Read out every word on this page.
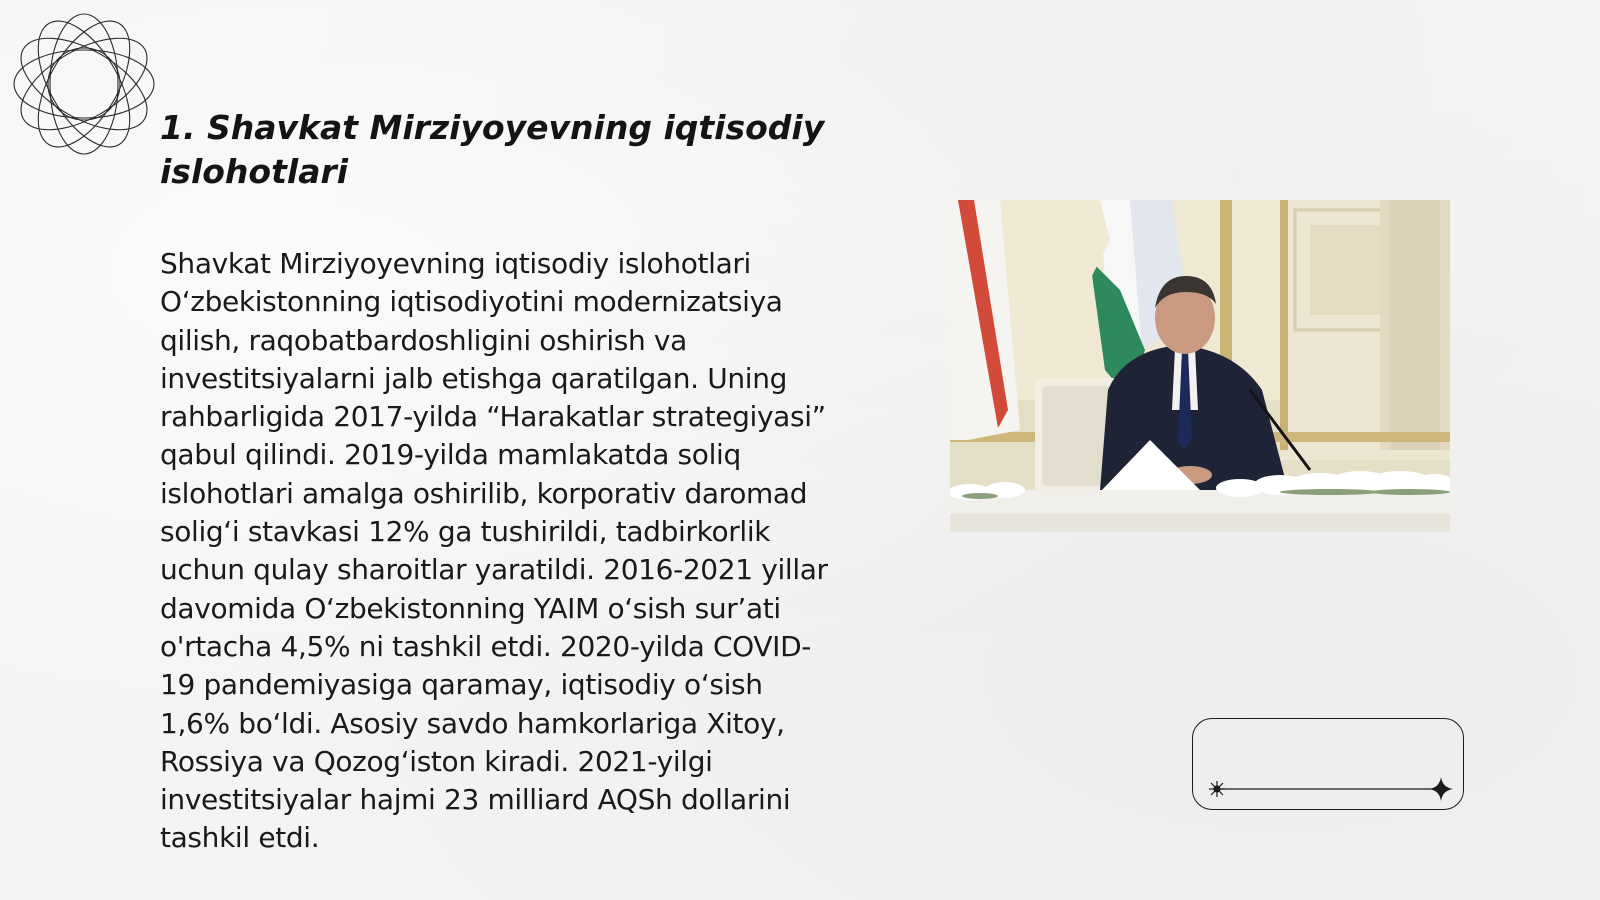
1. Shavkat Mirziyoyevning iqtisodiy islohotlari

Shavkat Mirziyoyevning iqtisodiy islohotlari O‘zbekistonning iqtisodiyotini modernizatsiya qilish, raqobatbardoshligini oshirish va investitsiyalarni jalb etishga qaratilgan. Uning rahbarligida 2017-yilda “Harakatlar strategiyasi” qabul qilindi. 2019-yilda mamlakatda soliq islohotlari amalga oshirilib, korporativ daromad solig‘i stavkasi 12% ga tushirildi, tadbirkorlik uchun qulay sharoitlar yaratildi. 2016-2021 yillar davomida O‘zbekistonning YAIM o‘sish sur’ati o'rtacha 4,5% ni tashkil etdi. 2020-yilda COVID-19 pandemiyasiga qaramay, iqtisodiy o‘sish 1,6% bo‘ldi. Asosiy savdo hamkorlariga Xitoy, Rossiya va Qozog‘iston kiradi. 2021-yilgi investitsiyalar hajmi 23 milliard AQSh dollarini tashkil etdi.
